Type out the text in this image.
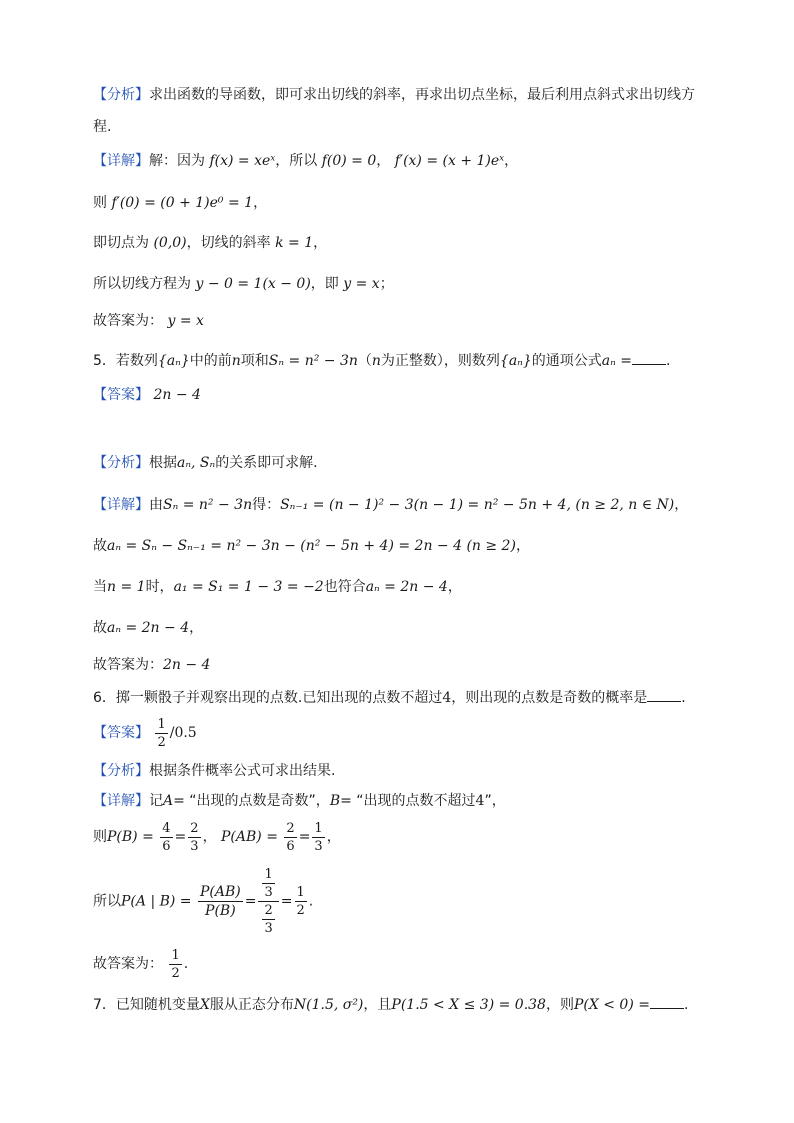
【分析】求出函数的导函数，即可求出切线的斜率，再求出切点坐标，最后利用点斜式求出切线方
程.
【详解】解：因为 f(x) = xeˣ，所以 f(0) = 0， f′(x) = (x + 1)eˣ，
则 f′(0) = (0 + 1)e⁰ = 1，
即切点为 (0,0)，切线的斜率 k = 1，
所以切线方程为 y − 0 = 1(x − 0)，即 y = x；
故答案为： y = x
5．若数列{aₙ}中的前n项和Sₙ = n² − 3n（n为正整数），则数列{aₙ}的通项公式aₙ = .
【答案】 2n − 4
【分析】根据aₙ, Sₙ的关系即可求解.
【详解】由Sₙ = n² − 3n得：Sₙ₋₁ = (n − 1)² − 3(n − 1) = n² − 5n + 4, (n ≥ 2, n ∈ N)，
故aₙ = Sₙ − Sₙ₋₁ = n² − 3n − (n² − 5n + 4) = 2n − 4 (n ≥ 2)，
当n = 1时，a₁ = S₁ = 1 − 3 = −2也符合aₙ = 2n − 4，
故aₙ = 2n − 4，
故答案为：2n − 4
6．掷一颗骰子并观察出现的点数.已知出现的点数不超过4，则出现的点数是奇数的概率是 .
【答案】 $\frac{1}{2} /0.5$
【分析】根据条件概率公式可求出结果.
【详解】记A= “出现的点数是奇数”，B= “出现的点数不超过4”，
则$P(B) = \frac{4}{6} = \frac{2}{3}$ ， $P(AB) = \frac{2}{6} = \frac{1}{3}$ ，
所以P(A | $B) = \frac{P(AB)}{P(B)} = \frac{\frac{1}{3}}{\frac{2}{3}} = \frac{1}{2}$ .
故答案为： $\frac{1}{2}$ .
7．已知随机变量X服从正态分布N(1.5, σ²)，且P(1.5 < X ≤ 3) = 0.38，则P(X < 0) = .
